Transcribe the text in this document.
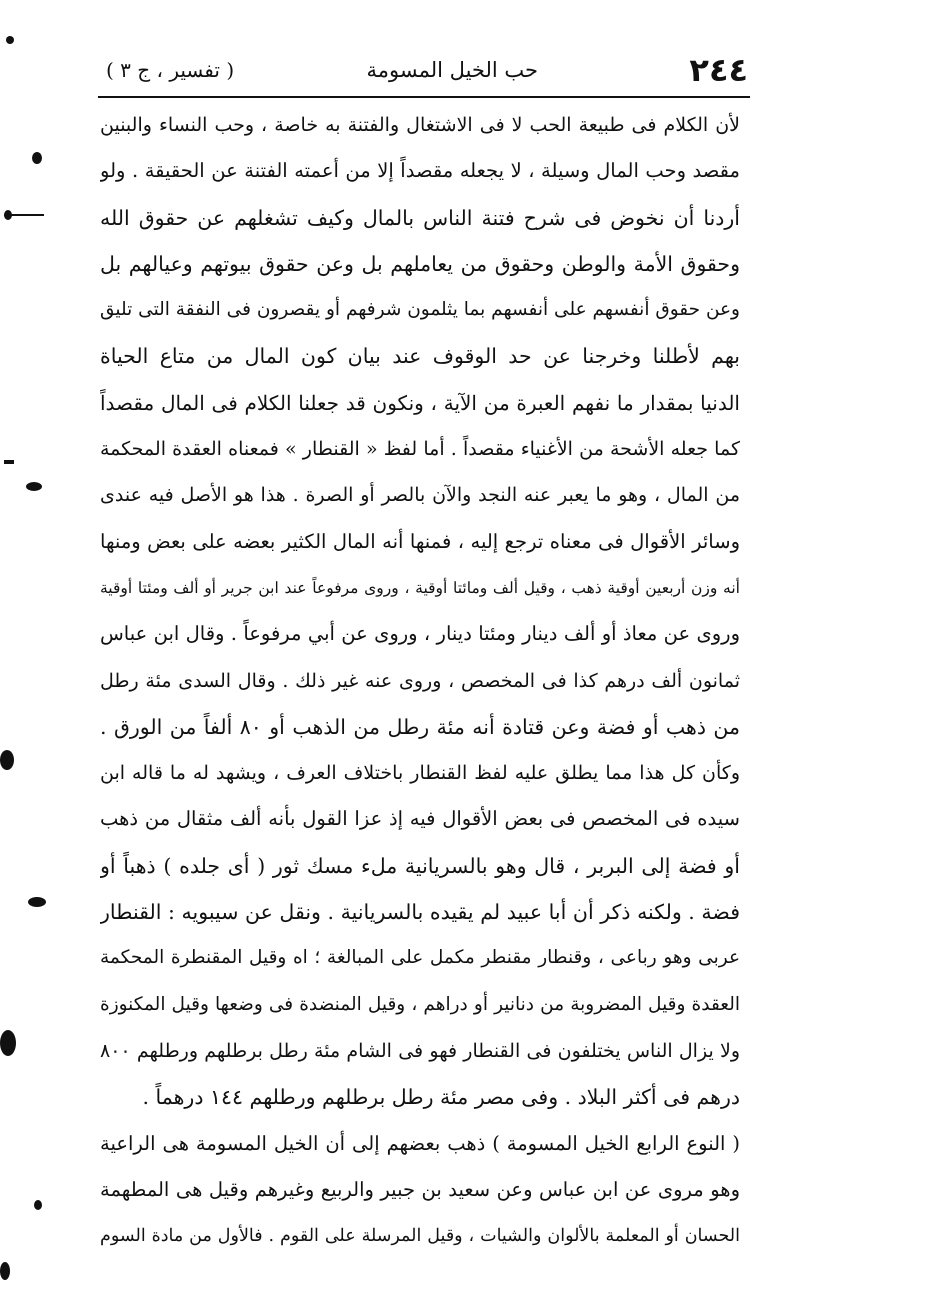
٢٤٤
حب الخيل المسومة
( تفسير ، ج ٣ )
لأن الكلام فى طبيعة الحب لا فى الاشتغال والفتنة به خاصة ، وحب النساء والبنين
مقصد وحب المال وسيلة ، لا يجعله مقصداً إلا من أعمته الفتنة عن الحقيقة . ولو
أردنا أن نخوض فى شرح فتنة الناس بالمال وكيف تشغلهم عن حقوق الله
وحقوق الأمة والوطن وحقوق من يعاملهم بل وعن حقوق بيوتهم وعيالهم بل
وعن حقوق أنفسهم على أنفسهم بما يثلمون شرفهم أو يقصرون فى النفقة التى تليق
بهم لأطلنا وخرجنا عن حد الوقوف عند بيان كون المال من متاع الحياة
الدنيا بمقدار ما نفهم العبرة من الآية ، ونكون قد جعلنا الكلام فى المال مقصداً
كما جعله الأشحة من الأغنياء مقصداً . أما لفظ « القنطار » فمعناه العقدة المحكمة
من المال ، وهو ما يعبر عنه النجد والآن بالصر أو الصرة . هذا هو الأصل فيه عندى
وسائر الأقوال فى معناه ترجع إليه ، فمنها أنه المال الكثير بعضه على بعض ومنها
أنه وزن أربعين أوقية ذهب ، وقيل ألف ومائتا أوقية ، وروى مرفوعاً عند ابن جرير أو ألف ومئتا أوقية
وروى عن معاذ أو ألف دينار ومئتا دينار ، وروى عن أبي مرفوعاً . وقال ابن عباس
ثمانون ألف درهم كذا فى المخصص ، وروى عنه غير ذلك . وقال السدى مئة رطل
من ذهب أو فضة وعن قتادة أنه مئة رطل من الذهب أو ٨٠ ألفاً من الورق .
وكأن كل هذا مما يطلق عليه لفظ القنطار باختلاف العرف ، ويشهد له ما قاله ابن
سيده فى المخصص فى بعض الأقوال فيه إذ عزا القول بأنه ألف مثقال من ذهب
أو فضة إلى البربر ، قال وهو بالسريانية ملء مسك ثور ( أى جلده ) ذهباً أو
فضة . ولكنه ذكر أن أبا عبيد لم يقيده بالسريانية . ونقل عن سيبويه : القنطار
عربى وهو رباعى ، وقنطار مقنطر مكمل على المبالغة ؛ اه وقيل المقنطرة المحكمة
العقدة وقيل المضروبة من دنانير أو دراهم ، وقيل المنضدة فى وضعها وقيل المكنوزة
ولا يزال الناس يختلفون فى القنطار فهو فى الشام مئة رطل برطلهم ورطلهم ٨٠٠
درهم فى أكثر البلاد . وفى مصر مئة رطل برطلهم ورطلهم ١٤٤ درهماً .
( النوع الرابع الخيل المسومة ) ذهب بعضهم إلى أن الخيل المسومة هى الراعية
وهو مروى عن ابن عباس وعن سعيد بن جبير والربيع وغيرهم وقيل هى المطهمة
الحسان أو المعلمة بالألوان والشيات ، وقيل المرسلة على القوم . فالأول من مادة السوم
